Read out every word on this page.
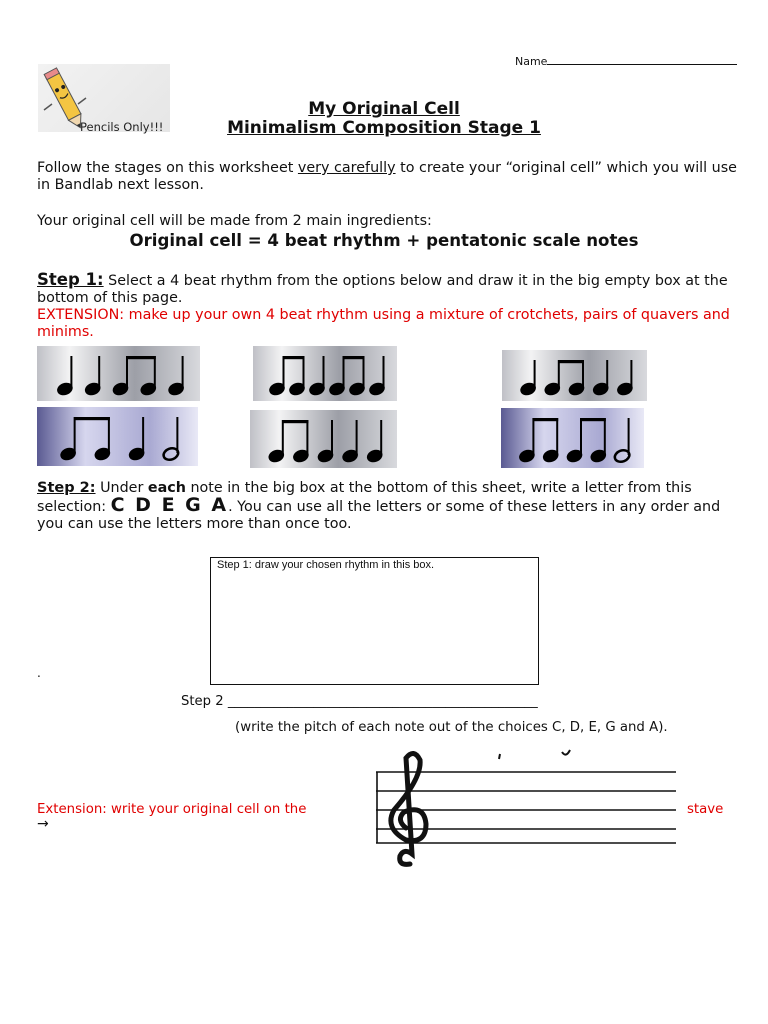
Name
Pencils Only!!!
My Original Cell
Minimalism Composition Stage 1
Follow the stages on this worksheet very carefully to create your “original cell” which you will use in Bandlab next lesson.
Your original cell will be made from 2 main ingredients:
Original cell = 4 beat rhythm + pentatonic scale notes
Step 1: Select a 4 beat rhythm from the options below and draw it in the big empty box at the bottom of this page.
EXTENSION: make up your own 4 beat rhythm using a mixture of crotchets, pairs of quavers and minims.
Step 2: Under each note in the big box at the bottom of this sheet, write a letter from this selection: C D E G A. You can use all the letters or some of these letters in any order and you can use the letters more than once too.
Step 1: draw your chosen rhythm in this box.
.
Step 2 _______________________________________________
(write the pitch of each note out of the choices C, D, E, G and A).
Extension: write your original cell on the
→
stave
